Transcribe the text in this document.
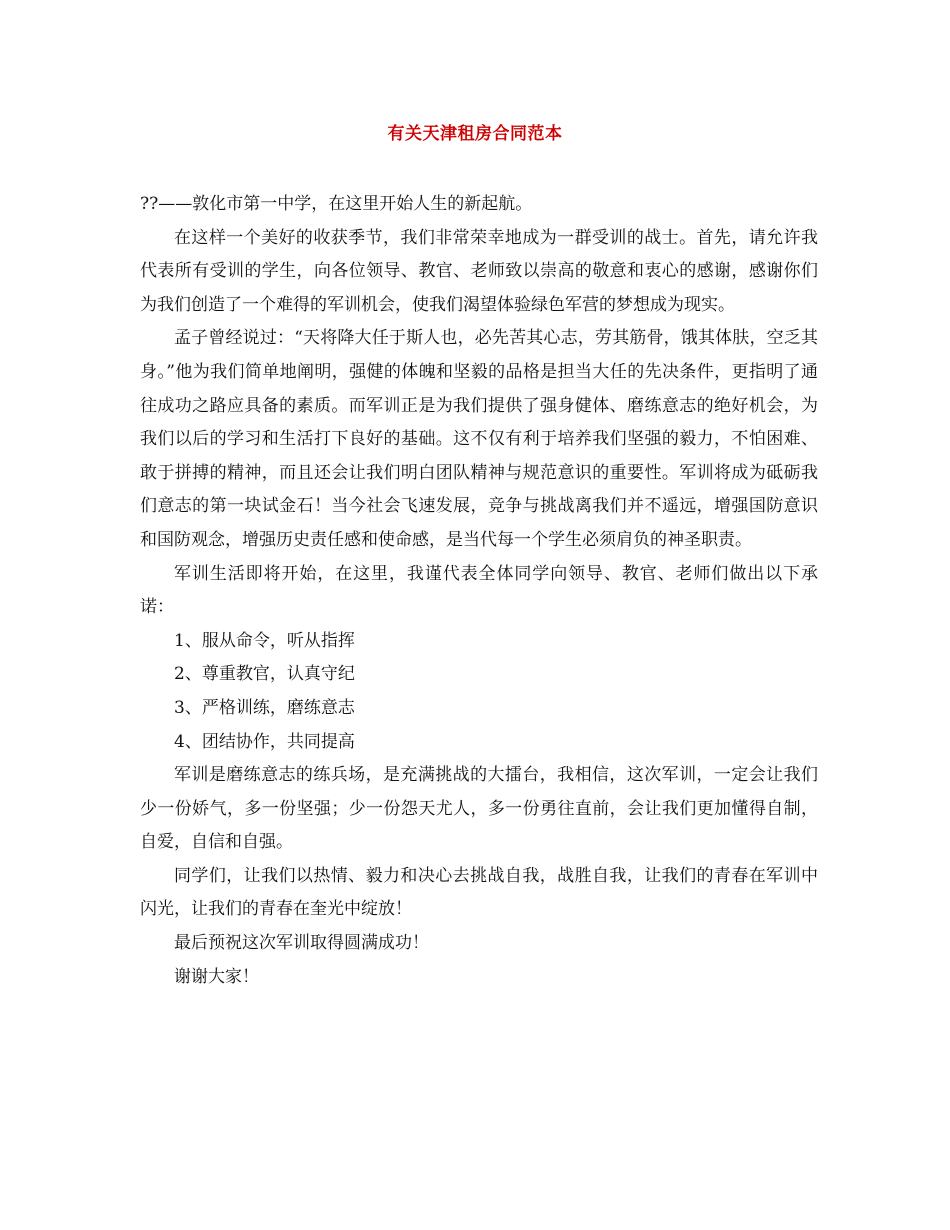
有关天津租房合同范本

??——敦化市第一中学，在这里开始人生的新起航。

在这样一个美好的收获季节，我们非常荣幸地成为一群受训的战士。首先，请允许我代表所有受训的学生，向各位领导、教官、老师致以崇高的敬意和衷心的感谢，感谢你们为我们创造了一个难得的军训机会，使我们渴望体验绿色军营的梦想成为现实。

孟子曾经说过：“天将降大任于斯人也，必先苦其心志，劳其筋骨，饿其体肤，空乏其身。”他为我们简单地阐明，强健的体魄和坚毅的品格是担当大任的先决条件，更指明了通往成功之路应具备的素质。而军训正是为我们提供了强身健体、磨练意志的绝好机会，为我们以后的学习和生活打下良好的基础。这不仅有利于培养我们坚强的毅力，不怕困难、敢于拼搏的精神，而且还会让我们明白团队精神与规范意识的重要性。军训将成为砥砺我们意志的第一块试金石！当今社会飞速发展，竞争与挑战离我们并不遥远，增强国防意识和国防观念，增强历史责任感和使命感，是当代每一个学生必须肩负的神圣职责。

军训生活即将开始，在这里，我谨代表全体同学向领导、教官、老师们做出以下承诺：

1、服从命令，听从指挥

2、尊重教官，认真守纪

3、严格训练，磨练意志

4、团结协作，共同提高

军训是磨练意志的练兵场，是充满挑战的大擂台，我相信，这次军训，一定会让我们少一份娇气，多一份坚强；少一份怨天尤人，多一份勇往直前，会让我们更加懂得自制，自爱，自信和自强。

同学们，让我们以热情、毅力和决心去挑战自我，战胜自我，让我们的青春在军训中闪光，让我们的青春在奎光中绽放！

最后预祝这次军训取得圆满成功！

谢谢大家！
